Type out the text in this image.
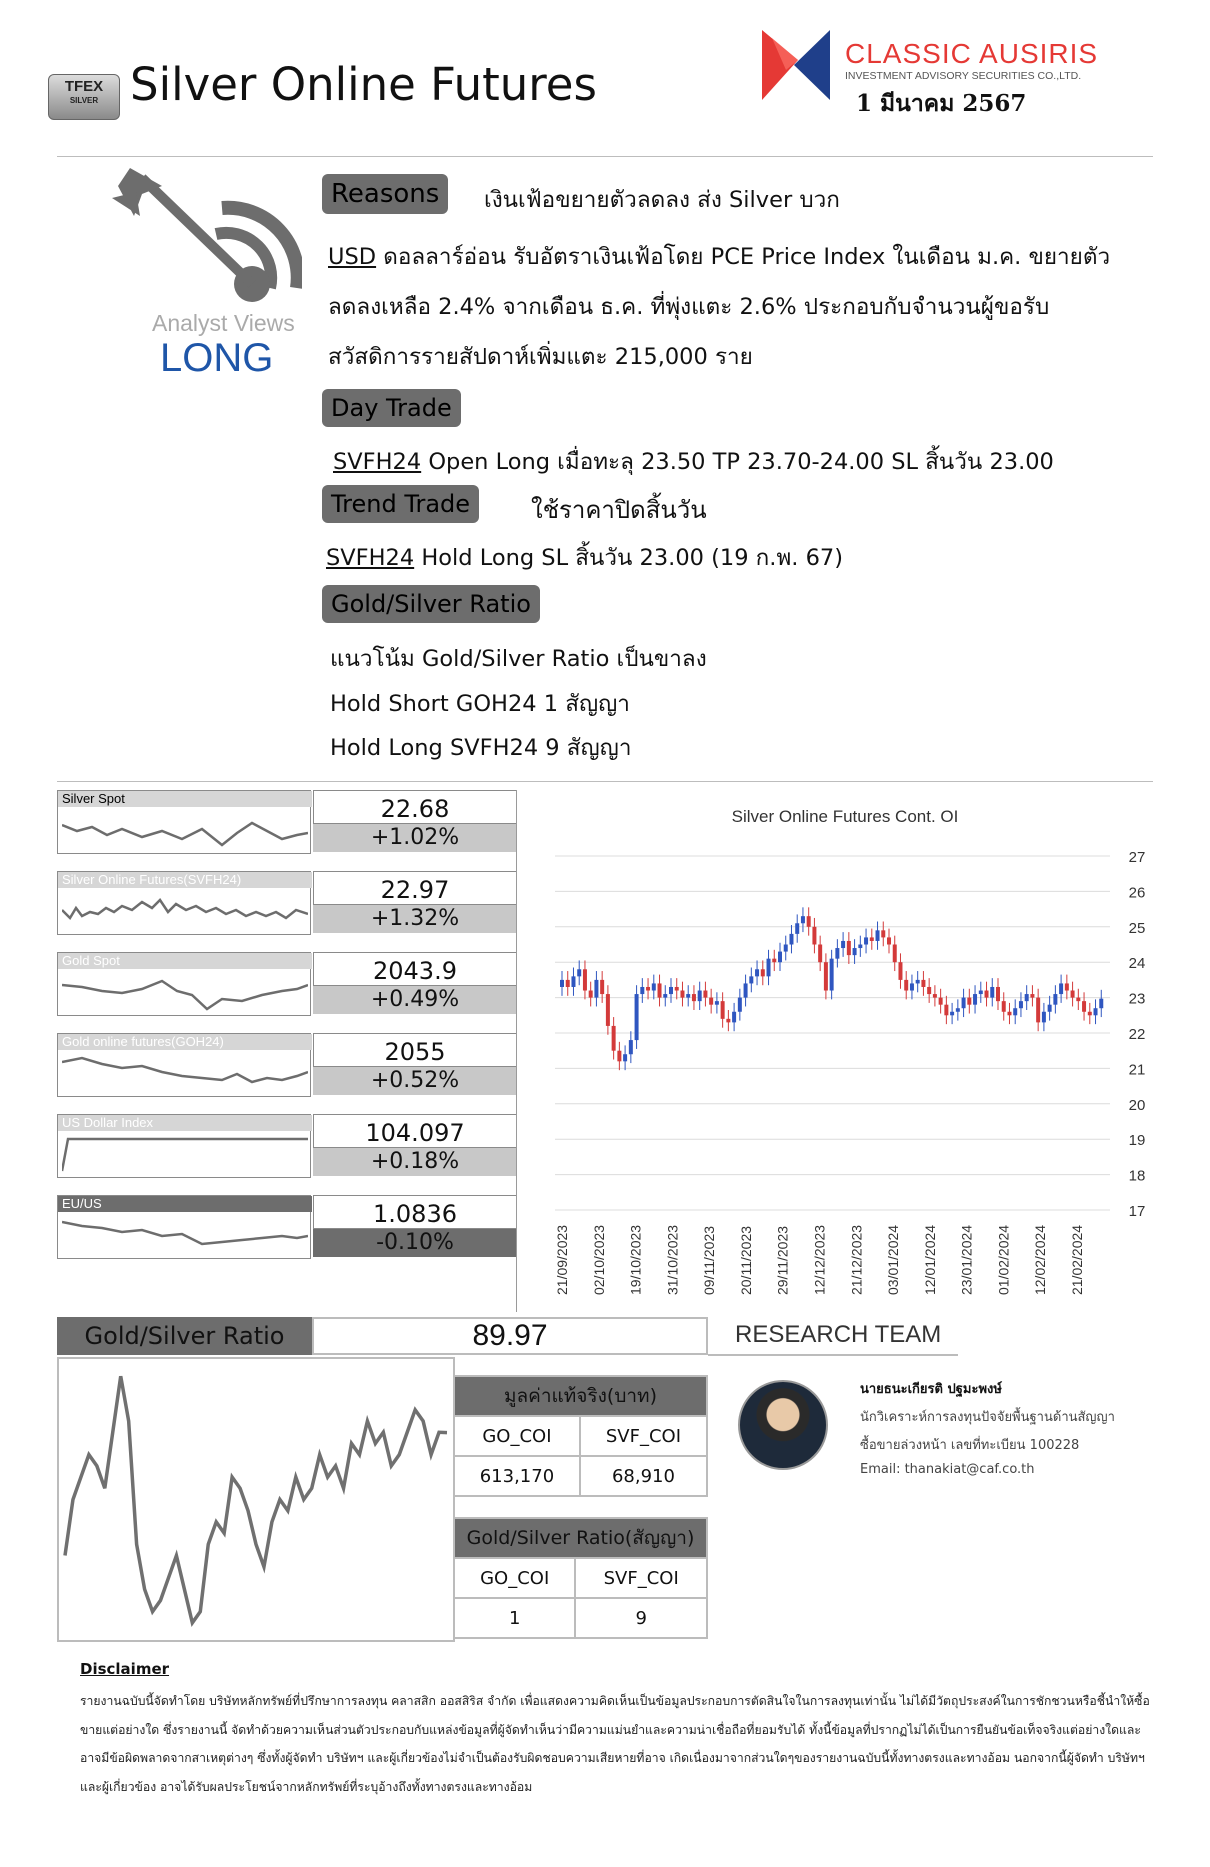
TFEX
SILVER Silver Online Futures
CLASSIC AUSIRIS
INVESTMENT ADVISORY SECURITIES CO.,LTD.
1 มีนาคม 2567
Analyst Views
LONG
Reasons	เงินเฟ้อขยายตัวลดลง ส่ง Silver บวก
USD ดอลลาร์อ่อน รับอัตราเงินเฟ้อโดย PCE Price Index ในเดือน ม.ค. ขยายตัว
ลดลงเหลือ 2.4% จากเดือน ธ.ค. ที่พุ่งแตะ 2.6% ประกอบกับจำนวนผู้ขอรับ
สวัสดิการรายสัปดาห์เพิ่มแตะ 215,000 ราย
Day Trade
SVFH24 Open Long เมื่อทะลุ 23.50 TP 23.70-24.00 SL สิ้นวัน 23.00
Trend Trade	ใช้ราคาปิดสิ้นวัน
SVFH24 Hold Long SL สิ้นวัน 23.00 (19 ก.พ. 67)
Gold/Silver Ratio
แนวโน้ม Gold/Silver Ratio เป็นขาลง
Hold Short GOH24 1 สัญญา
Hold Long SVFH24 9 สัญญา
Silver Spot	22.68
+1.02%
Silver Online Futures(SVFH24)	22.97
+1.32%
Gold Spot	2043.9
+0.49%
Gold online futures(GOH24)	2055
+0.52%
US Dollar Index	104.097
+0.18%
EU/US	1.0836
-0.10%
Silver Online Futures Cont. OI
17
18
19
20
21
22
23
24
25
26
27
21/09/2023 02/10/2023 19/10/2023 31/10/2023 09/11/2023 20/11/2023 29/11/2023 12/12/2023 21/12/2023 03/01/2024 12/01/2024 23/01/2024 01/02/2024 12/02/2024 21/02/2024
Gold/Silver Ratio	89.97	RESEARCH TEAM
มูลค่าแท้จริง(บาท)	
GO_COI	SVF_COI
613,170	68,910
Gold/Silver Ratio(สัญญา)	
GO_COI	SVF_COI
1	9
นายธนะเกียรติ ปฐมะพงษ์
นักวิเคราะห์การลงทุนปัจจัยพื้นฐานด้านสัญญา
ซื้อขายล่วงหน้า เลขที่ทะเบียน 100228
Email: thanakiat@caf.co.th
Disclaimer
รายงานฉบับนี้จัดทำโดย บริษัทหลักทรัพย์ที่ปรึกษาการลงทุน คลาสสิก ออสสิริส จำกัด เพื่อแสดงความคิดเห็นเป็นข้อมูลประกอบการตัดสินใจในการลงทุนเท่านั้น ไม่ได้มีวัตถุประสงค์ในการชักชวนหรือชี้นำให้ซื้อขายแต่อย่างใด ซึ่งรายงานนี้ จัดทำด้วยความเห็นส่วนตัวประกอบกับแหล่งข้อมูลที่ผู้จัดทำเห็นว่ามีความแม่นยำและความน่าเชื่อถือที่ยอมรับได้ ทั้งนี้ข้อมูลที่ปรากฏไม่ได้เป็นการยืนยันข้อเท็จจริงแต่อย่างใดและอาจมีข้อผิดพลาดจากสาเหตุต่างๆ ซึ่งทั้งผู้จัดทำ บริษัทฯ และผู้เกี่ยวข้องไม่จำเป็นต้องรับผิดชอบความเสียหายที่อาจ เกิดเนื่องมาจากส่วนใดๆของรายงานฉบับนี้ทั้งทางตรงและทางอ้อม นอกจากนี้ผู้จัดทำ บริษัทฯ และผู้เกี่ยวข้อง อาจได้รับผลประโยชน์จากหลักทรัพย์ที่ระบุอ้างถึงทั้งทางตรงและทางอ้อม
